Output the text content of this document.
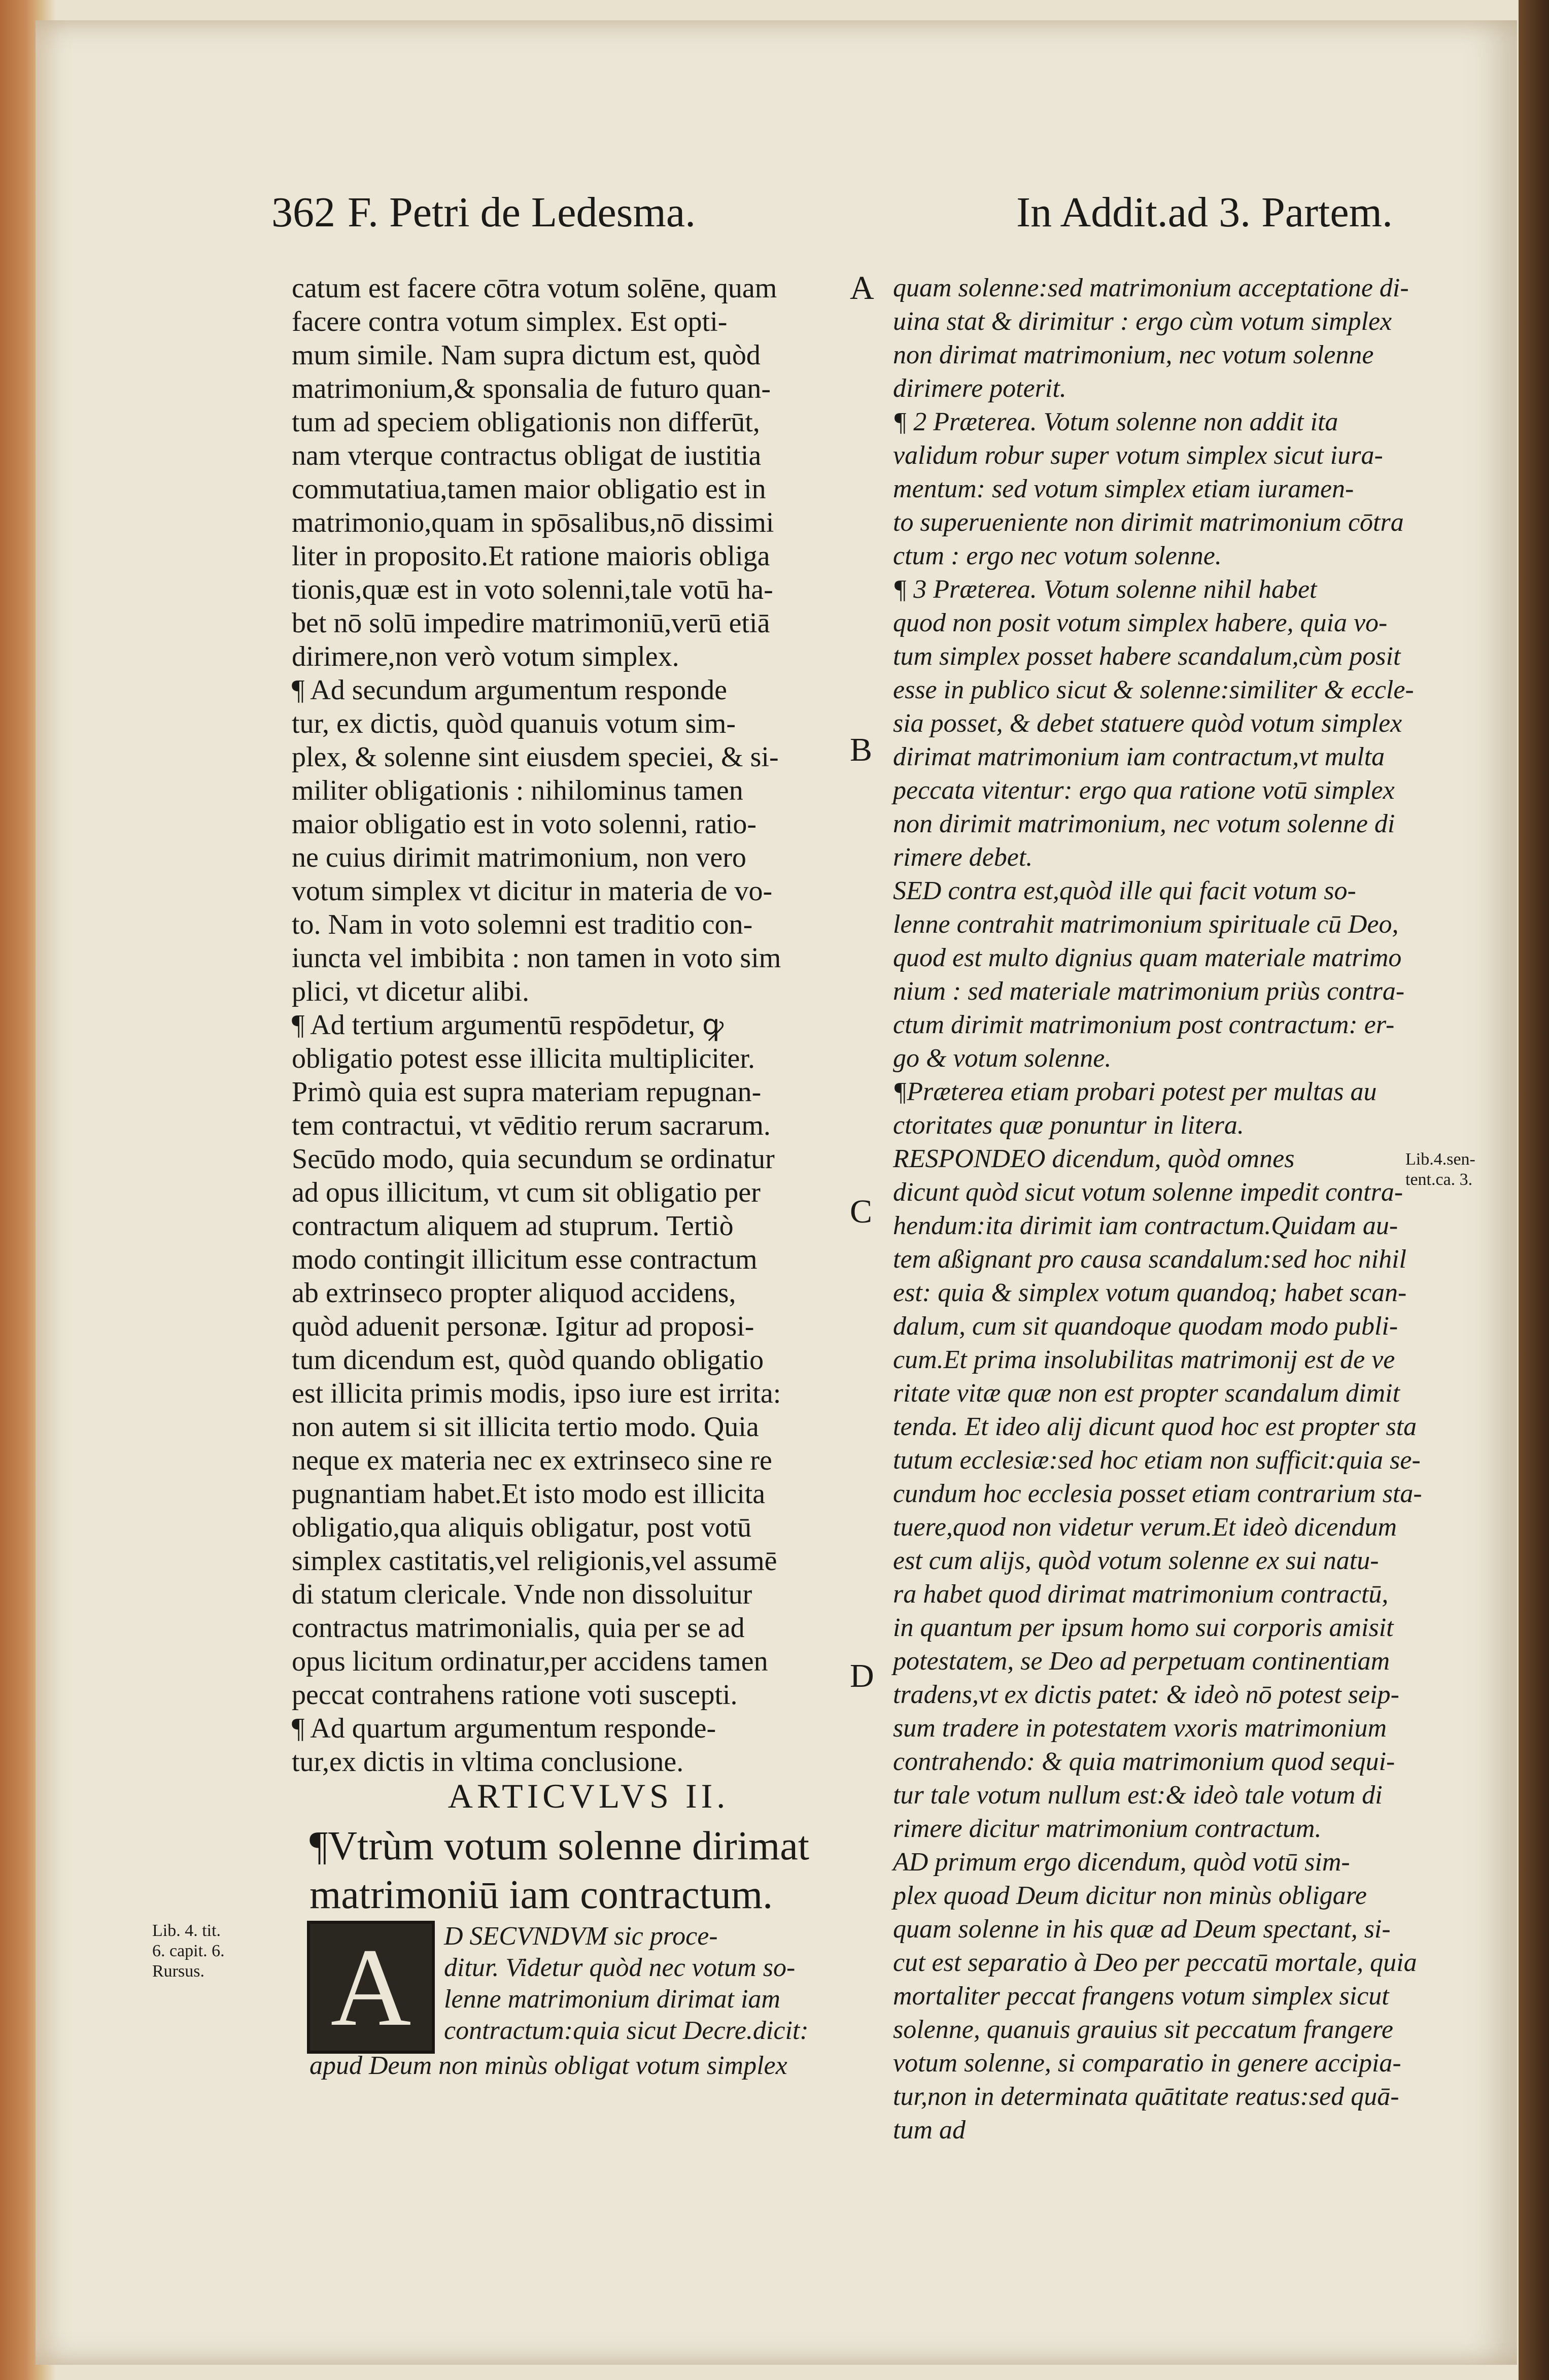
362 F. Petri de Ledesma.	In Addit.ad 3. Partem.
catum est facere cōtra votum solēne, quam
facere contra votum simplex. Est opti-
mum simile. Nam supra dictum est, quòd
matrimonium,& sponsalia de futuro quan-
tum ad speciem obligationis non differūt,
nam vterque contractus obligat de iustitia
commutatiua,tamen maior obligatio est in
matrimonio,quam in spōsalibus,nō dissimi
liter in proposito.Et ratione maioris obliga
tionis,quæ est in voto solenni,tale votū ha-
bet nō solū impedire matrimoniū,verū etiā
dirimere,non verò votum simplex.
¶ Ad secundum argumentum responde
tur, ex dictis, quòd quanuis votum sim-
plex, & solenne sint eiusdem speciei, & si-
militer obligationis : nihilominus tamen
maior obligatio est in voto solenni, ratio-
ne cuius dirimit matrimonium, non vero
votum simplex vt dicitur in materia de vo-
to. Nam in voto solemni est traditio con-
iuncta vel imbibita : non tamen in voto sim
plici, vt dicetur alibi.
¶ Ad tertium argumentū respōdetur, ꝙ
obligatio potest esse illicita multipliciter.
Primò quia est supra materiam repugnan-
tem contractui, vt vēditio rerum sacrarum.
Secūdo modo, quia secundum se ordinatur
ad opus illicitum, vt cum sit obligatio per
contractum aliquem ad stuprum. Tertiò
modo contingit illicitum esse contractum
ab extrinseco propter aliquod accidens,
quòd aduenit personæ. Igitur ad proposi-
tum dicendum est, quòd quando obligatio
est illicita primis modis, ipso iure est irrita:
non autem si sit illicita tertio modo. Quia
neque ex materia nec ex extrinseco sine re
pugnantiam habet.Et isto modo est illicita
obligatio,qua aliquis obligatur, post votū
simplex castitatis,vel religionis,vel assumē
di statum clericale. Vnde non dissoluitur
contractus matrimonialis, quia per se ad
opus licitum ordinatur,per accidens tamen
peccat contrahens ratione voti suscepti.
¶ Ad quartum argumentum responde-
tur,ex dictis in vltima conclusione.
quam solenne:sed matrimonium acceptatione di-
uina stat & dirimitur : ergo cùm votum simplex
non dirimat matrimonium, nec votum solenne
dirimere poterit.
¶ 2 Præterea. Votum solenne non addit ita
validum robur super votum simplex sicut iura-
mentum: sed votum simplex etiam iuramen-
to superueniente non dirimit matrimonium cōtra
ctum : ergo nec votum solenne.
¶ 3 Præterea. Votum solenne nihil habet
quod non posit votum simplex habere, quia vo-
tum simplex posset habere scandalum,cùm posit
esse in publico sicut & solenne:similiter & eccle-
sia posset, & debet statuere quòd votum simplex
dirimat matrimonium iam contractum,vt multa
peccata vitentur: ergo qua ratione votū simplex
non dirimit matrimonium, nec votum solenne di
rimere debet.
SED contra est,quòd ille qui facit votum so-
lenne contrahit matrimonium spirituale cū Deo,
quod est multo dignius quam materiale matrimo
nium : sed materiale matrimonium priùs contra-
ctum dirimit matrimonium post contractum: er-
go & votum solenne.
¶Præterea etiam probari potest per multas au
ctoritates quæ ponuntur in litera.
RESPONDEO dicendum, quòd omnes
dicunt quòd sicut votum solenne impedit contra-
hendum:ita dirimit iam contractum.Quidam au-
tem aßignant pro causa scandalum:sed hoc nihil
est: quia & simplex votum quandoq; habet scan-
dalum, cum sit quandoque quodam modo publi-
cum.Et prima insolubilitas matrimonij est de ve
ritate vitæ quæ non est propter scandalum dimit
tenda. Et ideo alij dicunt quod hoc est propter sta
tutum ecclesiæ:sed hoc etiam non sufficit:quia se-
cundum hoc ecclesia posset etiam contrarium sta-
tuere,quod non videtur verum.Et ideò dicendum
est cum alijs, quòd votum solenne ex sui natu-
ra habet quod dirimat matrimonium contractū,
in quantum per ipsum homo sui corporis amisit
potestatem, se Deo ad perpetuam continentiam
tradens,vt ex dictis patet: & ideò nō potest seip-
sum tradere in potestatem vxoris matrimonium
contrahendo: & quia matrimonium quod sequi-
tur tale votum nullum est:& ideò tale votum di
rimere dicitur matrimonium contractum.
AD primum ergo dicendum, quòd votū sim-
plex quoad Deum dicitur non minùs obligare
quam solenne in his quæ ad Deum spectant, si-
cut est separatio à Deo per peccatū mortale, quia
mortaliter peccat frangens votum simplex sicut
solenne, quanuis grauius sit peccatum frangere
votum solenne, si comparatio in genere accipia-
tur,non in determinata quātitate reatus:sed quā-
tum ad
A
B
C
D
Lib.4.sen-
tent.ca. 3.
Lib. 4. tit.
6. capit. 6.
Rursus.
ARTICVLVS II.
¶Vtrùm votum solenne dirimat
matrimoniū iam contractum.
A	D SECVNDVM sic proce-
ditur. Videtur quòd nec votum so-
lenne matrimonium dirimat iam
contractum:quia sicut Decre.dicit:
apud Deum non minùs obligat votum simplex
